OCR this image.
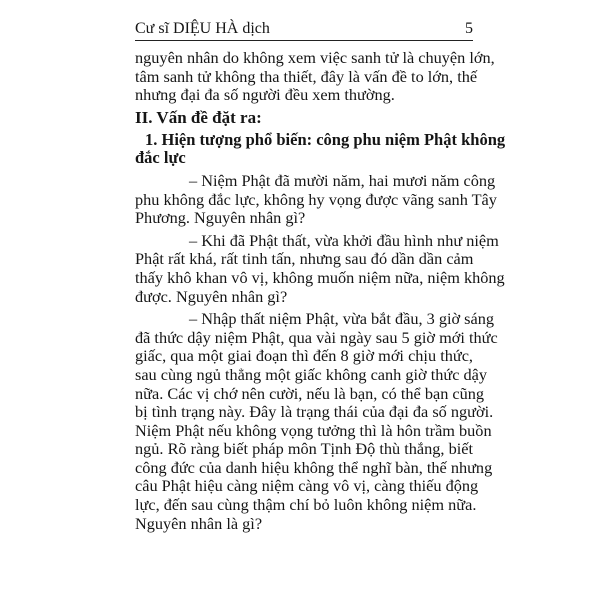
Cư sĩ DIỆU HÀ dịch	5
nguyên nhân do không xem việc sanh tử là chuyện lớn,
tâm sanh tử không tha thiết, đây là vấn đề to lớn, thế
nhưng đại đa số người đều xem thường.
II. Vấn đề đặt ra:
1. Hiện tượng phổ biến: công phu niệm Phật không
đắc lực
– Niệm Phật đã mười năm, hai mươi năm công
phu không đắc lực, không hy vọng được vãng sanh Tây
Phương. Nguyên nhân gì?
– Khi đã Phật thất, vừa khởi đầu hình như niệm
Phật rất khá, rất tinh tấn, nhưng sau đó dần dần cảm
thấy khô khan vô vị, không muốn niệm nữa, niệm không
được. Nguyên nhân gì?
– Nhập thất niệm Phật, vừa bắt đầu, 3 giờ sáng
đã thức dậy niệm Phật, qua vài ngày sau 5 giờ mới thức
giấc, qua một giai đoạn thì đến 8 giờ mới chịu thức,
sau cùng ngủ thẳng một giấc không canh giờ thức dậy
nữa. Các vị chớ nên cười, nếu là bạn, có thể bạn cũng
bị tình trạng này. Đây là trạng thái của đại đa số người.
Niệm Phật nếu không vọng tưởng thì là hôn trầm buồn
ngủ. Rõ ràng biết pháp môn Tịnh Độ thù thắng, biết
công đức của danh hiệu không thể nghĩ bàn, thế nhưng
câu Phật hiệu càng niệm càng vô vị, càng thiếu động
lực, đến sau cùng thậm chí bỏ luôn không niệm nữa.
Nguyên nhân là gì?
